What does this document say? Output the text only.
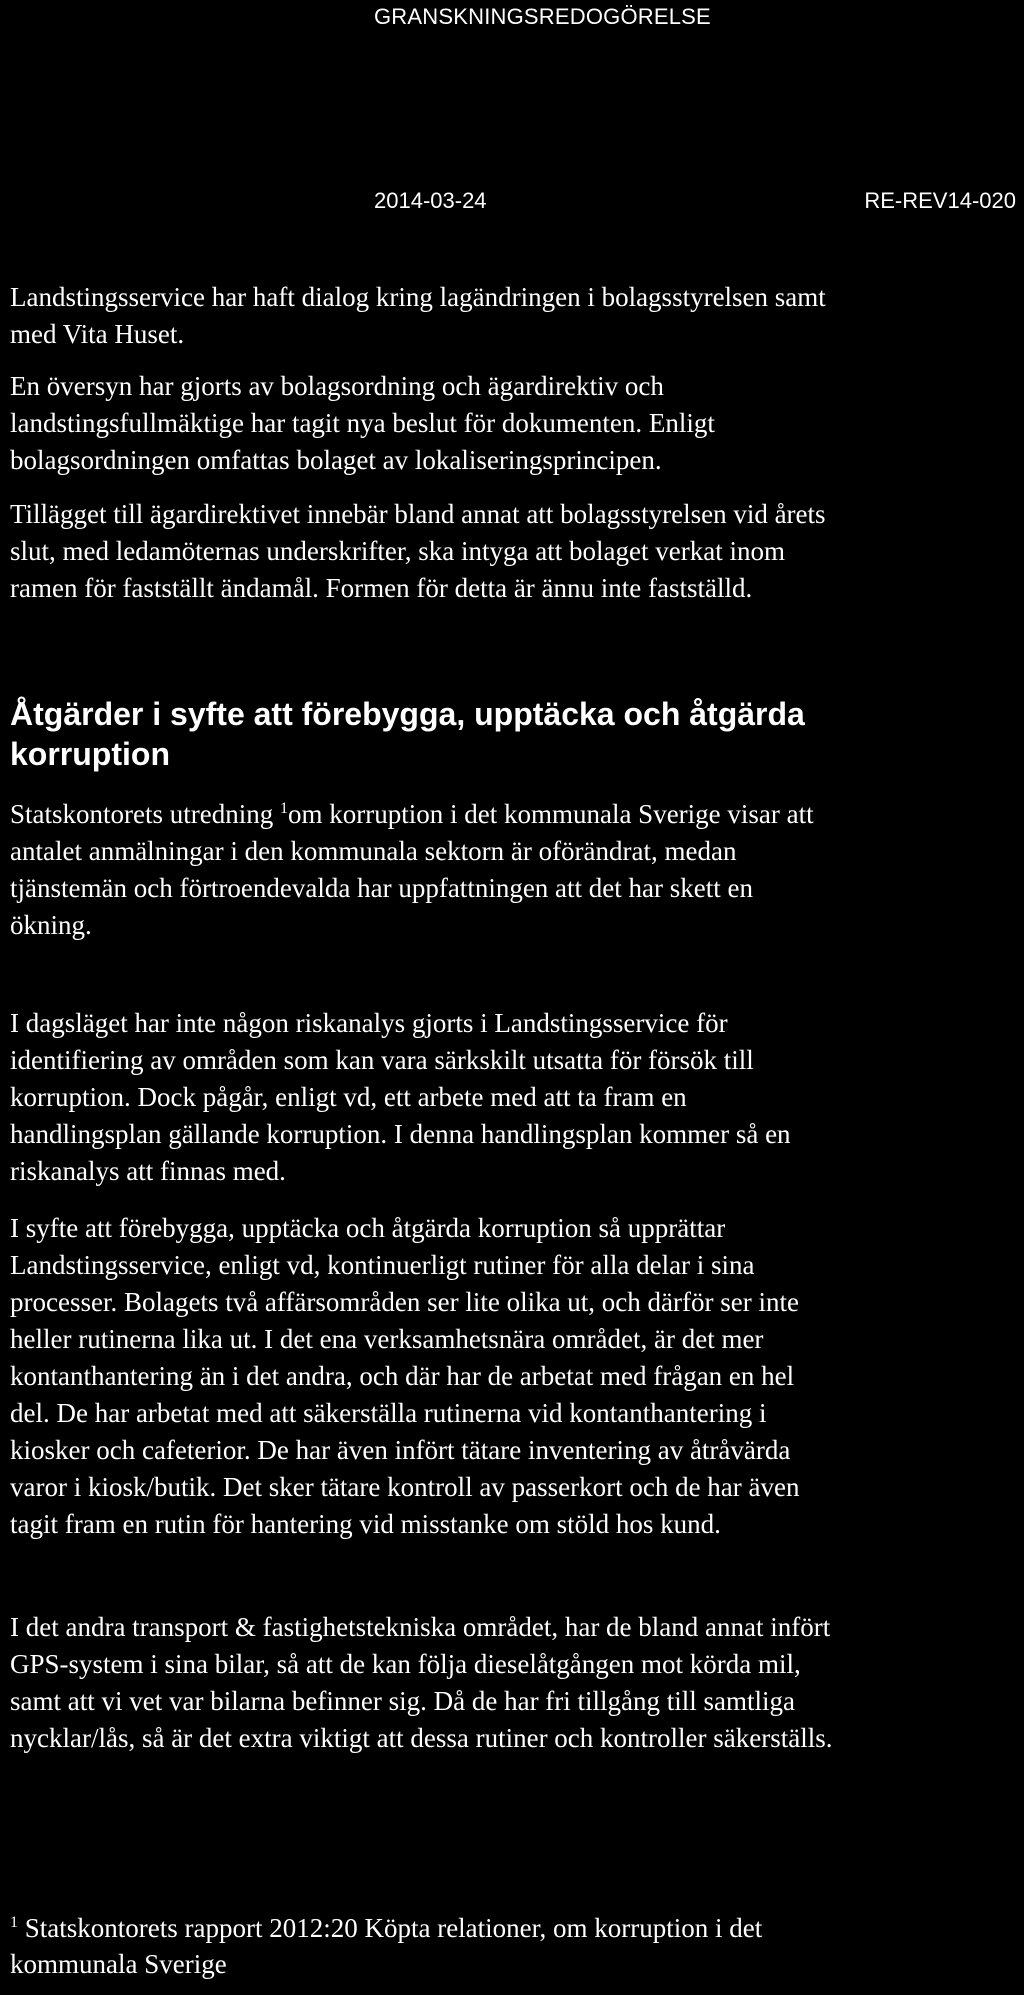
GRANSKNINGSREDOGÖRELSE
2014-03-24	RE-REV14-020

Landstingsservice har haft dialog kring lagändringen i bolagsstyrelsen samt
med Vita Huset.

En översyn har gjorts av bolagsordning och ägardirektiv och
landstingsfullmäktige har tagit nya beslut för dokumenten. Enligt
bolagsordningen omfattas bolaget av lokaliseringsprincipen.

Tillägget till ägardirektivet innebär bland annat att bolagsstyrelsen vid årets
slut, med ledamöternas underskrifter, ska intyga att bolaget verkat inom
ramen för fastställt ändamål. Formen för detta är ännu inte fastställd.

Åtgärder i syfte att förebygga, upptäcka och åtgärda
korruption

Statskontorets utredning $^1$om korruption i det kommunala Sverige visar att
antalet anmälningar i den kommunala sektorn är oförändrat, medan
tjänstemän och förtroendevalda har uppfattningen att det har skett en
ökning.

I dagsläget har inte någon riskanalys gjorts i Landstingsservice för
identifiering av områden som kan vara särkskilt utsatta för försök till
korruption. Dock pågår, enligt vd, ett arbete med att ta fram en
handlingsplan gällande korruption. I denna handlingsplan kommer så en
riskanalys att finnas med.

I syfte att förebygga, upptäcka och åtgärda korruption så upprättar
Landstingsservice, enligt vd, kontinuerligt rutiner för alla delar i sina
processer. Bolagets två affärsområden ser lite olika ut, och därför ser inte
heller rutinerna lika ut. I det ena verksamhetsnära området, är det mer
kontanthantering än i det andra, och där har de arbetat med frågan en hel
del. De har arbetat med att säkerställa rutinerna vid kontanthantering i
kiosker och cafeterior. De har även infört tätare inventering av åtråvärda
varor i kiosk/butik. Det sker tätare kontroll av passerkort och de har även
tagit fram en rutin för hantering vid misstanke om stöld hos kund.

I det andra transport & fastighetstekniska området, har de bland annat infört
GPS-system i sina bilar, så att de kan följa dieselåtgången mot körda mil,
samt att vi vet var bilarna befinner sig. Då de har fri tillgång till samtliga
nycklar/lås, så är det extra viktigt att dessa rutiner och kontroller säkerställs.

$^1$ Statskontorets rapport 2012:20 Köpta relationer, om korruption i det
kommunala Sverige
